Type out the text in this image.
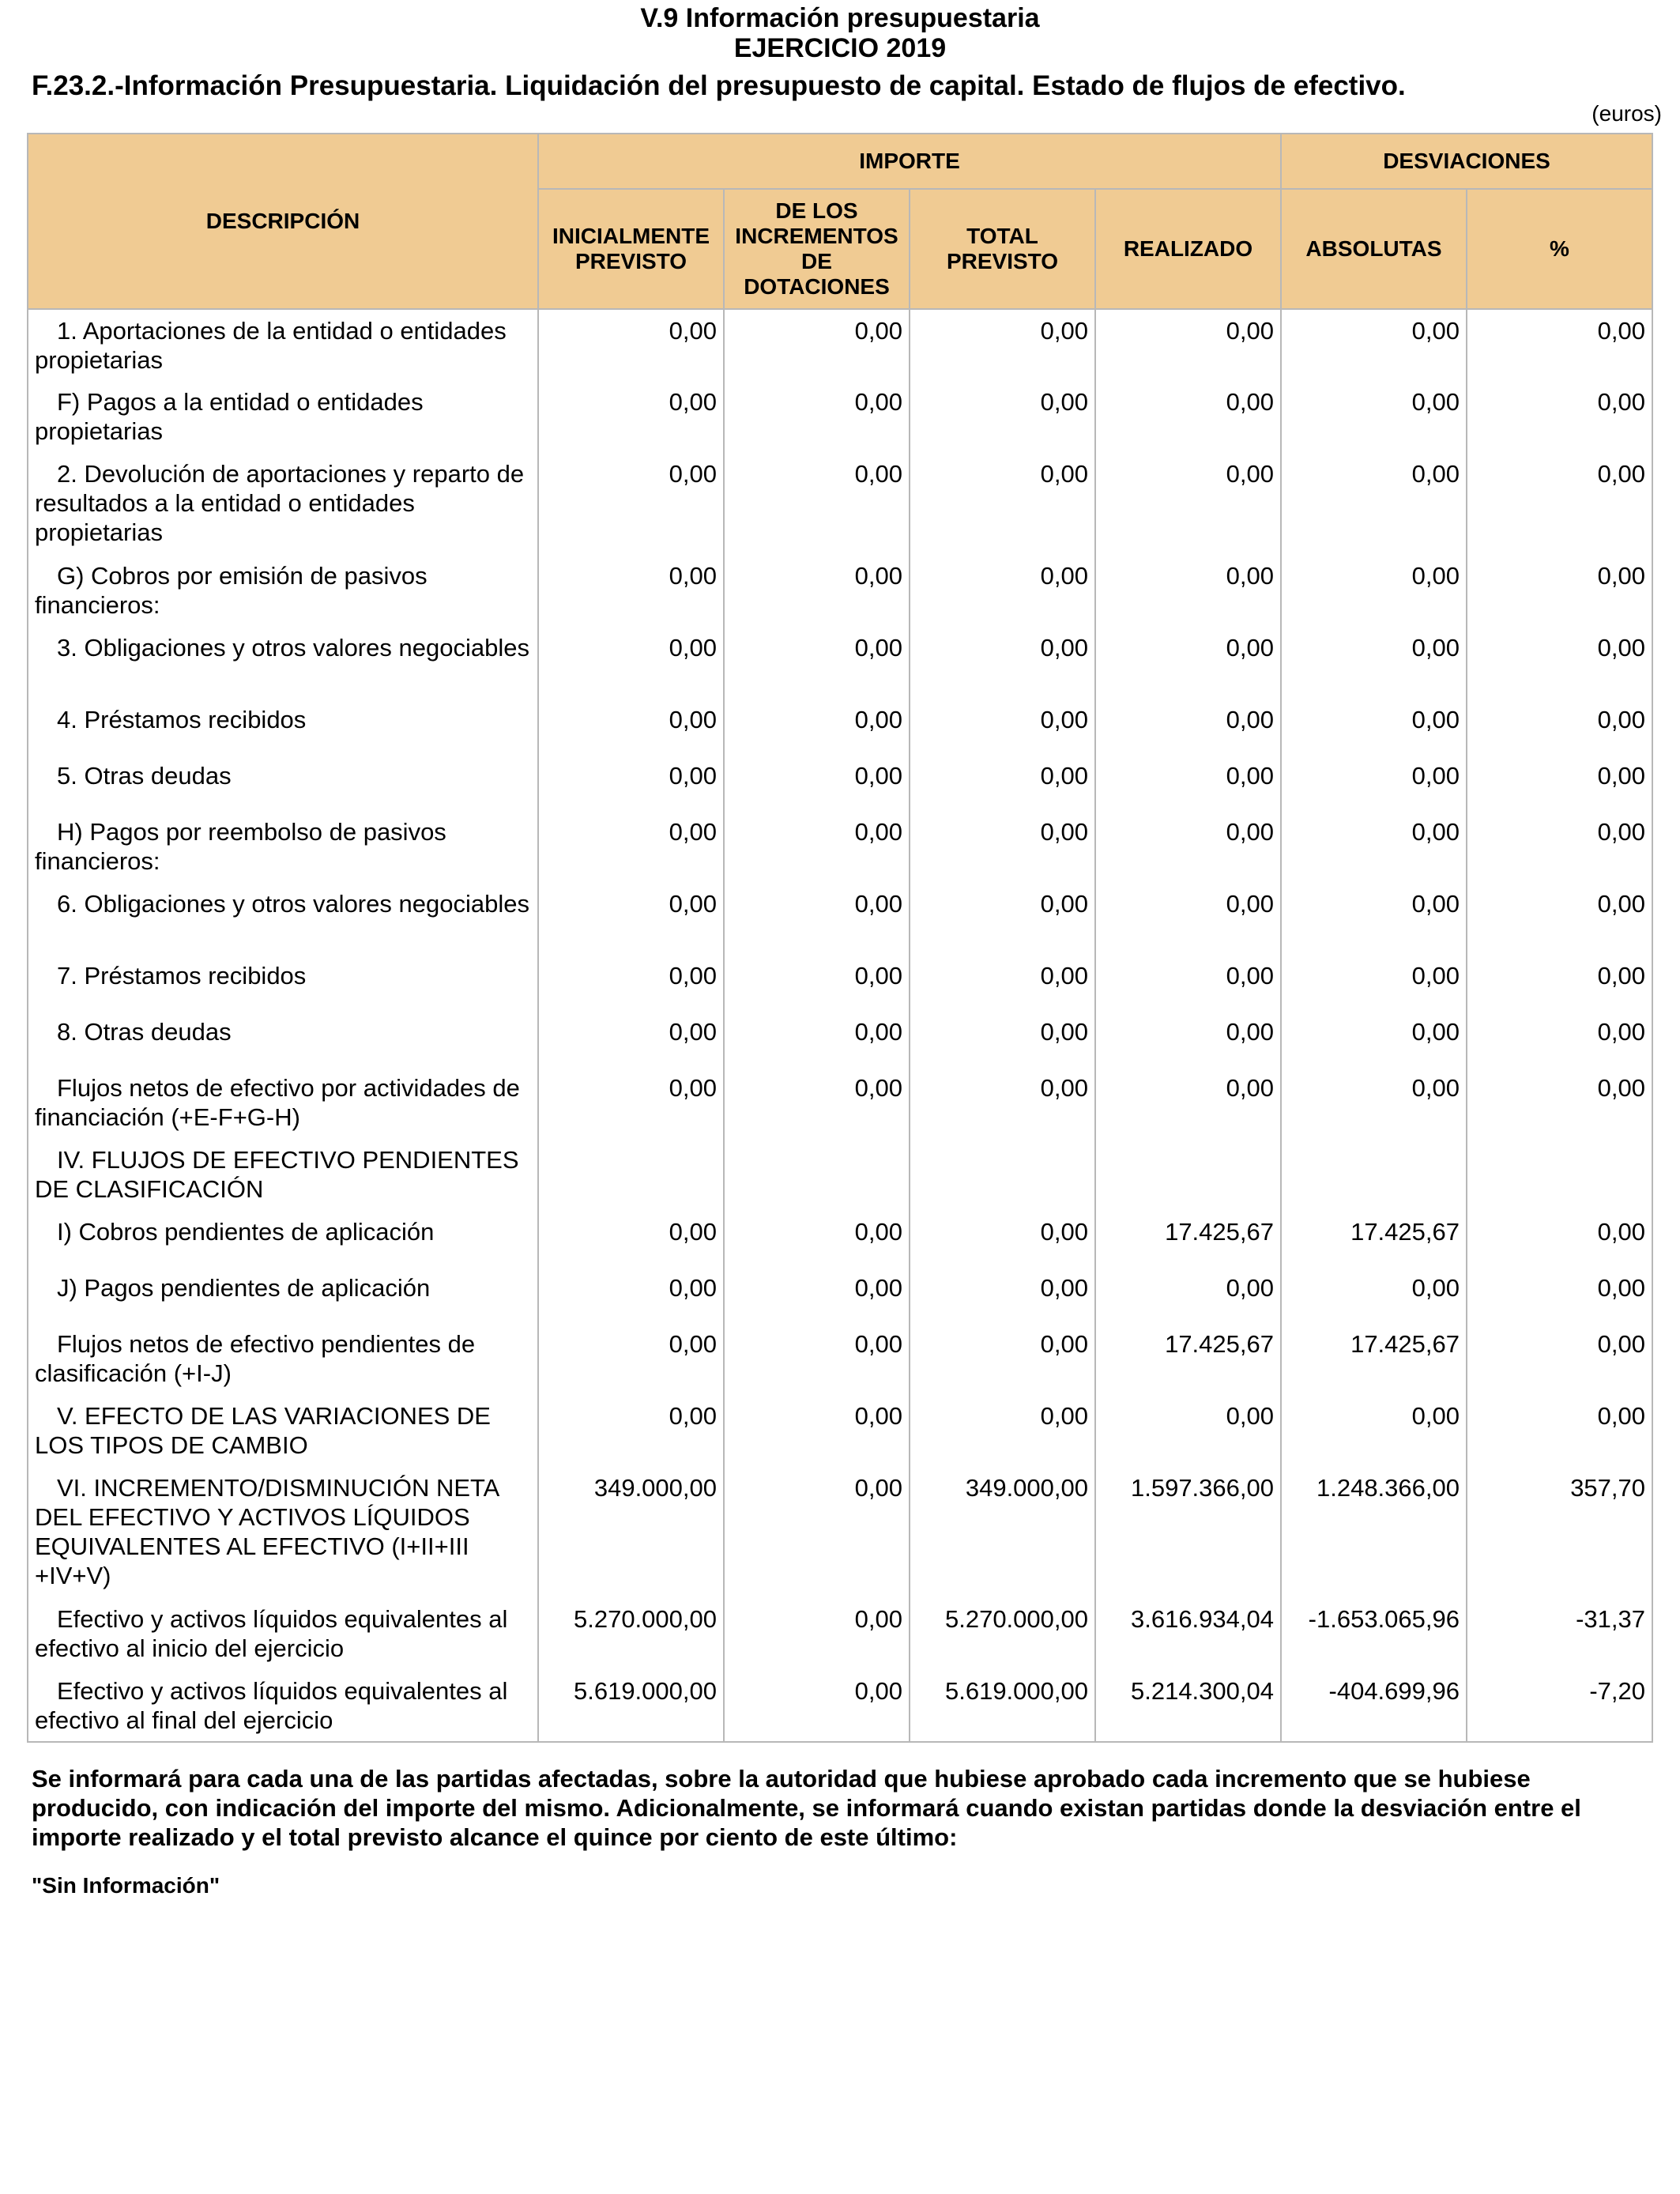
V.9 Información presupuestaria
EJERCICIO 2019
F.23.2.-Información Presupuestaria. Liquidación del presupuesto de capital. Estado de flujos de efectivo.
(euros)
DESCRIPCIÓN	IMPORTE				DESVIACIONES	
	INICIALMENTE PREVISTO	DE LOS INCREMENTOS DE DOTACIONES	TOTAL PREVISTO	REALIZADO	ABSOLUTAS	%
1. Aportaciones de la entidad o entidades propietarias	0,00	0,00	0,00	0,00	0,00	0,00
F) Pagos a la entidad o entidades propietarias	0,00	0,00	0,00	0,00	0,00	0,00
2. Devolución de aportaciones y reparto de resultados a la entidad o entidades propietarias	0,00	0,00	0,00	0,00	0,00	0,00
G) Cobros por emisión de pasivos financieros:	0,00	0,00	0,00	0,00	0,00	0,00
3. Obligaciones y otros valores negociables	0,00	0,00	0,00	0,00	0,00	0,00
4. Préstamos recibidos	0,00	0,00	0,00	0,00	0,00	0,00
5. Otras deudas	0,00	0,00	0,00	0,00	0,00	0,00
H) Pagos por reembolso de pasivos financieros:	0,00	0,00	0,00	0,00	0,00	0,00
6. Obligaciones y otros valores negociables	0,00	0,00	0,00	0,00	0,00	0,00
7. Préstamos recibidos	0,00	0,00	0,00	0,00	0,00	0,00
8. Otras deudas	0,00	0,00	0,00	0,00	0,00	0,00
Flujos netos de efectivo por actividades de financiación (+E-F+G-H)	0,00	0,00	0,00	0,00	0,00	0,00
IV. FLUJOS DE EFECTIVO PENDIENTES DE CLASIFICACIÓN						
I) Cobros pendientes de aplicación	0,00	0,00	0,00	17.425,67	17.425,67	0,00
J) Pagos pendientes de aplicación	0,00	0,00	0,00	0,00	0,00	0,00
Flujos netos de efectivo pendientes de clasificación (+I-J)	0,00	0,00	0,00	17.425,67	17.425,67	0,00
V. EFECTO DE LAS VARIACIONES DE LOS TIPOS DE CAMBIO	0,00	0,00	0,00	0,00	0,00	0,00
VI. INCREMENTO/DISMINUCIÓN NETA DEL EFECTIVO Y ACTIVOS LÍQUIDOS EQUIVALENTES AL EFECTIVO (I+II+III +IV+V)	349.000,00	0,00	349.000,00	1.597.366,00	1.248.366,00	357,70
Efectivo y activos líquidos equivalentes al efectivo al inicio del ejercicio	5.270.000,00	0,00	5.270.000,00	3.616.934,04	-1.653.065,96	-31,37
Efectivo y activos líquidos equivalentes al efectivo al final del ejercicio	5.619.000,00	0,00	5.619.000,00	5.214.300,04	-404.699,96	-7,20
Se informará para cada una de las partidas afectadas, sobre la autoridad que hubiese aprobado cada incremento que se hubiese producido, con indicación del importe del mismo. Adicionalmente, se informará cuando existan partidas donde la desviación entre el importe realizado y el total previsto alcance el quince por ciento de este último:
"Sin Información"
